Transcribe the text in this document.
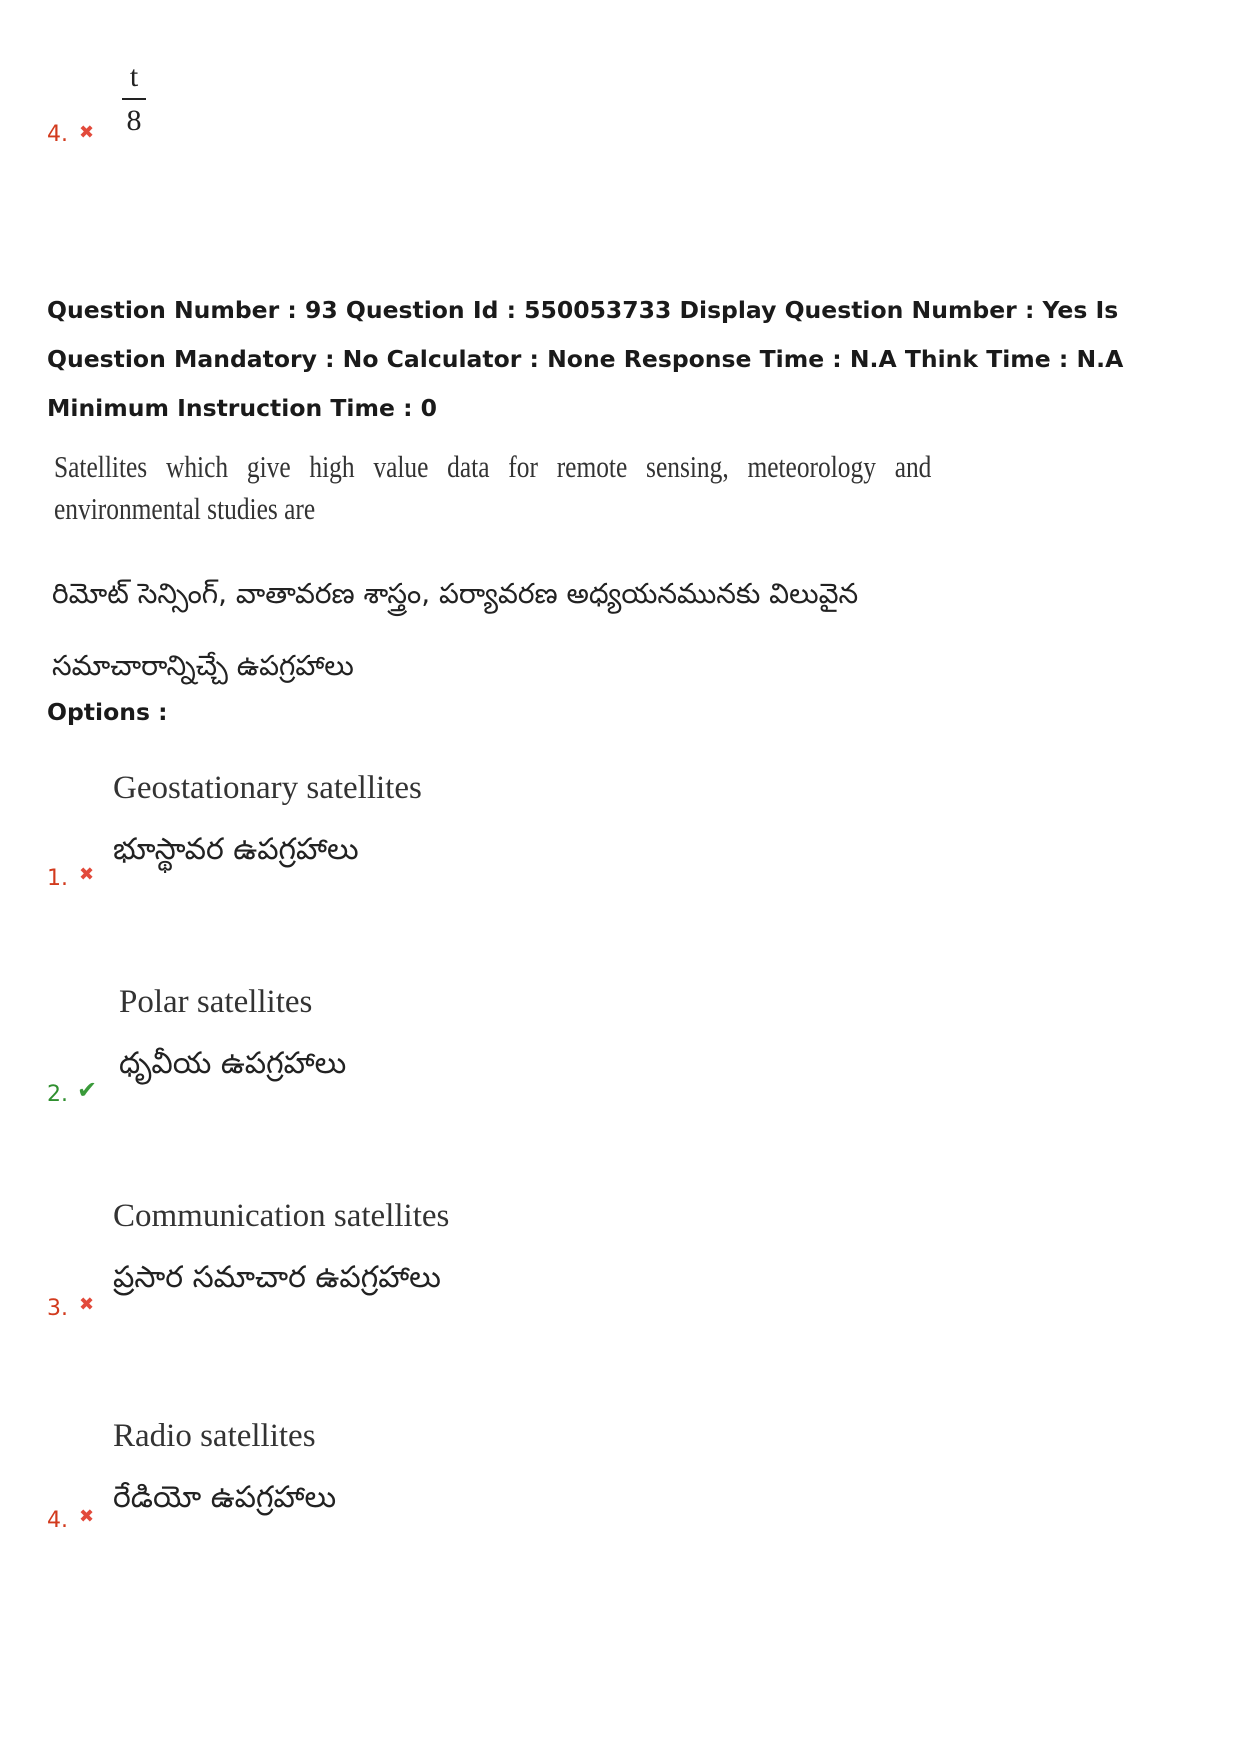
4. ✖
t
8
Question Number : 93 Question Id : 550053733 Display Question Number : Yes Is Question Mandatory : No Calculator : None Response Time : N.A Think Time : N.A Minimum Instruction Time : 0
Satellites which give high value data for remote sensing, meteorology and environmental studies are
రిమోట్ సెన్సింగ్, వాతావరణ శాస్త్రం, పర్యావరణ అధ్యయనమునకు విలువైన సమాచారాన్నిచ్చే ఉపగ్రహాలు
Options :
Geostationary satellites
భూస్థావర ఉపగ్రహాలు
1. ✖
Polar satellites
ధృవీయ ఉపగ్రహాలు
2. ✔
Communication satellites
ప్రసార సమాచార ఉపగ్రహాలు
3. ✖
Radio satellites
రేడియో ఉపగ్రహాలు
4. ✖
